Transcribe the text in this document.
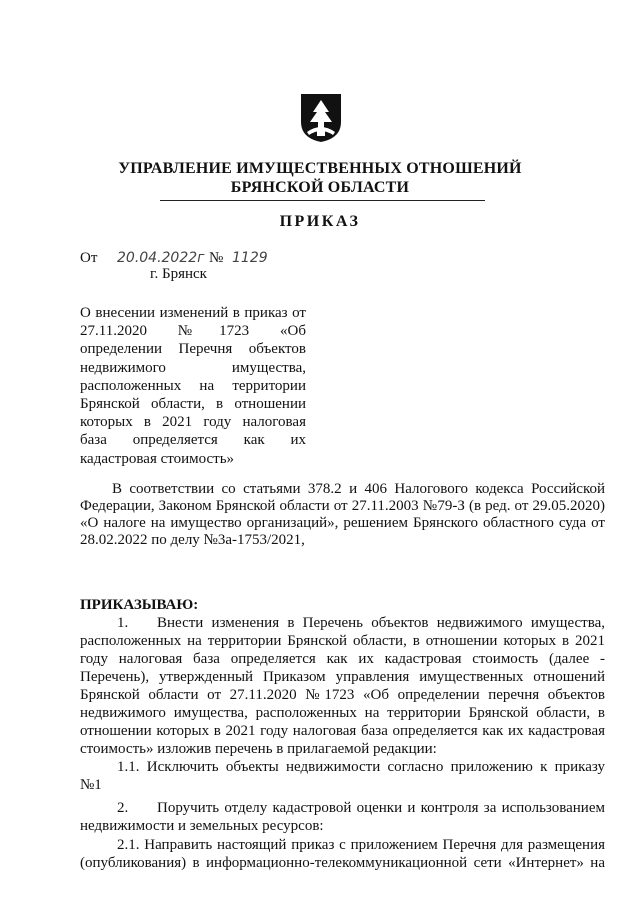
УПРАВЛЕНИЕ ИМУЩЕСТВЕННЫХ ОТНОШЕНИЙ
БРЯНСКОЙ ОБЛАСТИ
ПРИКАЗ
От 20.04.2022г № 1129
г. Брянск
О внесении изменений в приказ от
27.11.2020 №1723 «Об
определении Перечня объектов
недвижимого имущества,
расположенных на территории
Брянской области, в отношении
которых в 2021 году налоговая
база определяется как их
кадастровая стоимость»
В соответствии со статьями 378.2 и 406 Налогового кодекса Российской
Федерации, Законом Брянской области от 27.11.2003 №79-З (в ред. от 29.05.2020)
«О налоге на имущество организаций», решением Брянского областного суда от
28.02.2022 по делу №3а-1753/2021,
ПРИКАЗЫВАЮ:
1. Внести изменения в Перечень объектов недвижимого имущества,
расположенных на территории Брянской области, в отношении которых в 2021
году налоговая база определяется как их кадастровая стоимость (далее -
Перечень), утвержденный Приказом управления имущественных отношений
Брянской области от 27.11.2020 №1723 «Об определении перечня объектов
недвижимого имущества, расположенных на территории Брянской области, в
отношении которых в 2021 году налоговая база определяется как их кадастровая
стоимость» изложив перечень в прилагаемой редакции:
1.1. Исключить объекты недвижимости согласно приложению к приказу
№1
2. Поручить отделу кадастровой оценки и контроля за использованием
недвижимости и земельных ресурсов:
2.1. Направить настоящий приказ с приложением Перечня для размещения
(опубликования) в информационно-телекоммуникационной сети «Интернет» на
